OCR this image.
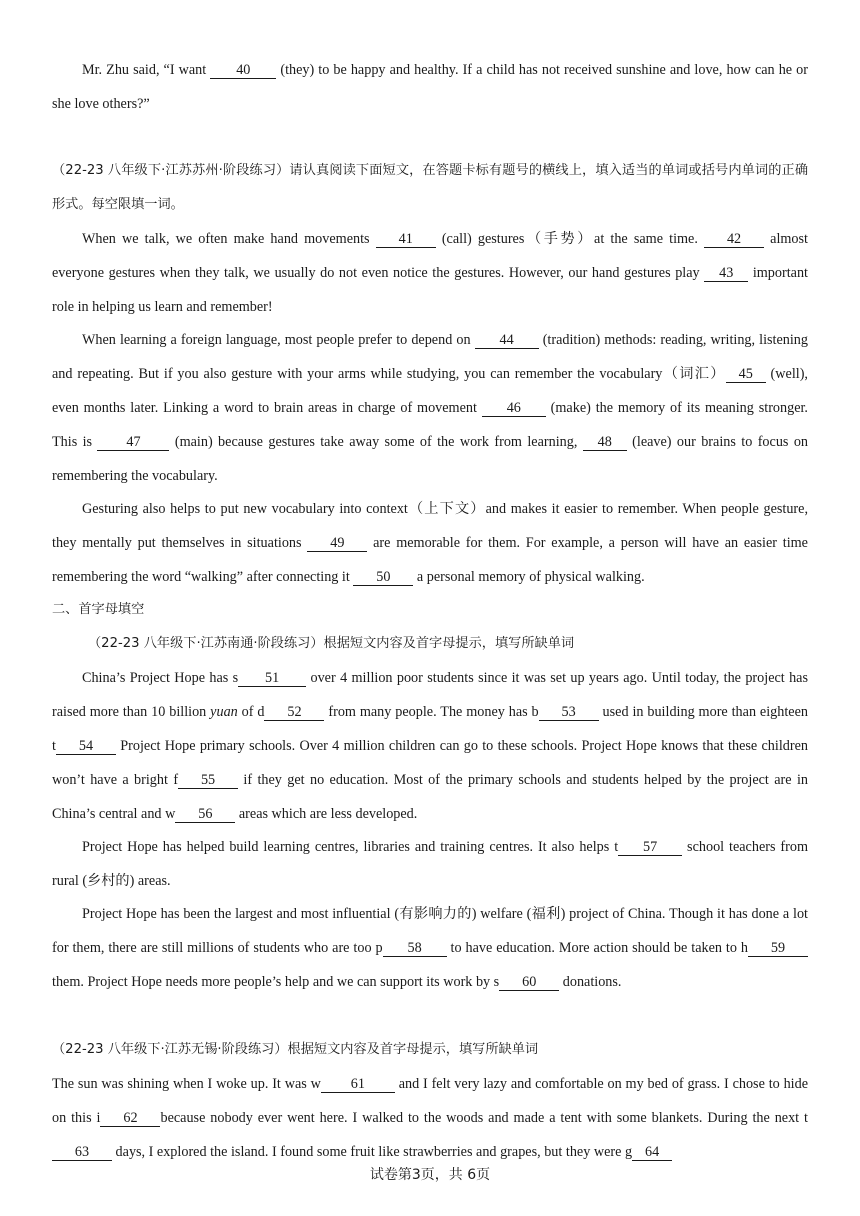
Mr. Zhu said, “I want 40 (they) to be happy and healthy. If a child has not received sunshine and love, how can he or she love others?”
（22-23 八年级下·江苏苏州·阶段练习）请认真阅读下面短文，在答题卡标有题号的横线上，填入适当的单词或括号内单词的正确形式。每空限填一词。
When we talk, we often make hand movements 41 (call) gestures（手势）at the same time. 42 almost everyone gestures when they talk, we usually do not even notice the gestures. However, our hand gestures play 43 important role in helping us learn and remember!
When learning a foreign language, most people prefer to depend on 44 (tradition) methods: reading, writing, listening and repeating. But if you also gesture with your arms while studying, you can remember the vocabulary（词汇） 45 (well), even months later. Linking a word to brain areas in charge of movement 46 (make) the memory of its meaning stronger. This is 47 (main) because gestures take away some of the work from learning, 48 (leave) our brains to focus on remembering the vocabulary.
Gesturing also helps to put new vocabulary into context（上下文）and makes it easier to remember. When people gesture, they mentally put themselves in situations 49 are memorable for them. For example, a person will have an easier time remembering the word “walking” after connecting it 50 a personal memory of physical walking.
二、首字母填空
（22-23 八年级下·江苏南通·阶段练习）根据短文内容及首字母提示，填写所缺单词
China’s Project Hope has s 51 over 4 million poor students since it was set up years ago. Until today, the project has raised more than 10 billion yuan of d 52 from many people. The money has b 53 used in building more than eighteen t 54 Project Hope primary schools. Over 4 million children can go to these schools. Project Hope knows that these children won’t have a bright f 55 if they get no education. Most of the primary schools and students helped by the project are in China’s central and w 56 areas which are less developed.
Project Hope has helped build learning centres, libraries and training centres. It also helps t 57 school teachers from rural (乡村的) areas.
Project Hope has been the largest and most influential (有影响力的) welfare (福利) project of China. Though it has done a lot for them, there are still millions of students who are too p 58 to have education. More action should be taken to h 59 them. Project Hope needs more people’s help and we can support its work by s 60 donations.
（22-23 八年级下·江苏无锡·阶段练习）根据短文内容及首字母提示，填写所缺单词
The sun was shining when I woke up. It was w 61 and I felt very lazy and comfortable on my bed of grass. I chose to hide on this i 62 because nobody ever went here. I walked to the woods and made a tent with some blankets. During the next t63 days, I explored the island. I found some fruit like strawberries and grapes, but they were g 64
试卷第3页，共 6页
